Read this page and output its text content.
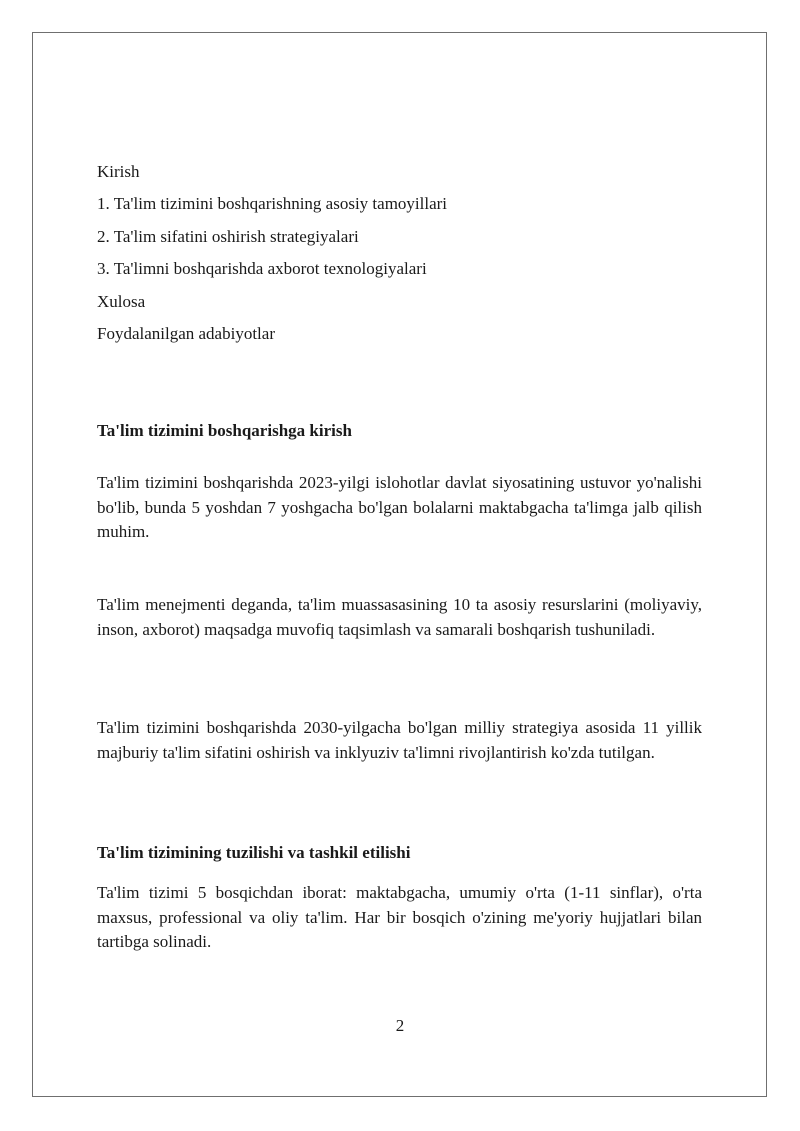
Kirish
1. Ta'lim tizimini boshqarishning asosiy tamoyillari
2. Ta'lim sifatini oshirish strategiyalari
3. Ta'limni boshqarishda axborot texnologiyalari
Xulosa
Foydalanilgan adabiyotlar
Ta'lim tizimini boshqarishga kirish

Ta'lim tizimini boshqarishda 2023-yilgi islohotlar davlat siyosatining ustuvor yo'nalishi bo'lib, bunda 5 yoshdan 7 yoshgacha bo'lgan bolalarni maktabgacha ta'limga jalb qilish muhim.

Ta'lim menejmenti deganda, ta'lim muassasasining 10 ta asosiy resurslarini (moliyaviy, inson, axborot) maqsadga muvofiq taqsimlash va samarali boshqarish tushuniladi.

Ta'lim tizimini boshqarishda 2030-yilgacha bo'lgan milliy strategiya asosida 11 yillik majburiy ta'lim sifatini oshirish va inklyuziv ta'limni rivojlantirish ko'zda tutilgan.

Ta'lim tizimining tuzilishi va tashkil etilishi

Ta'lim tizimi 5 bosqichdan iborat: maktabgacha, umumiy o'rta (1-11 sinflar), o'rta maxsus, professional va oliy ta'lim. Har bir bosqich o'zining me'yoriy hujjatlari bilan tartibga solinadi.

2
